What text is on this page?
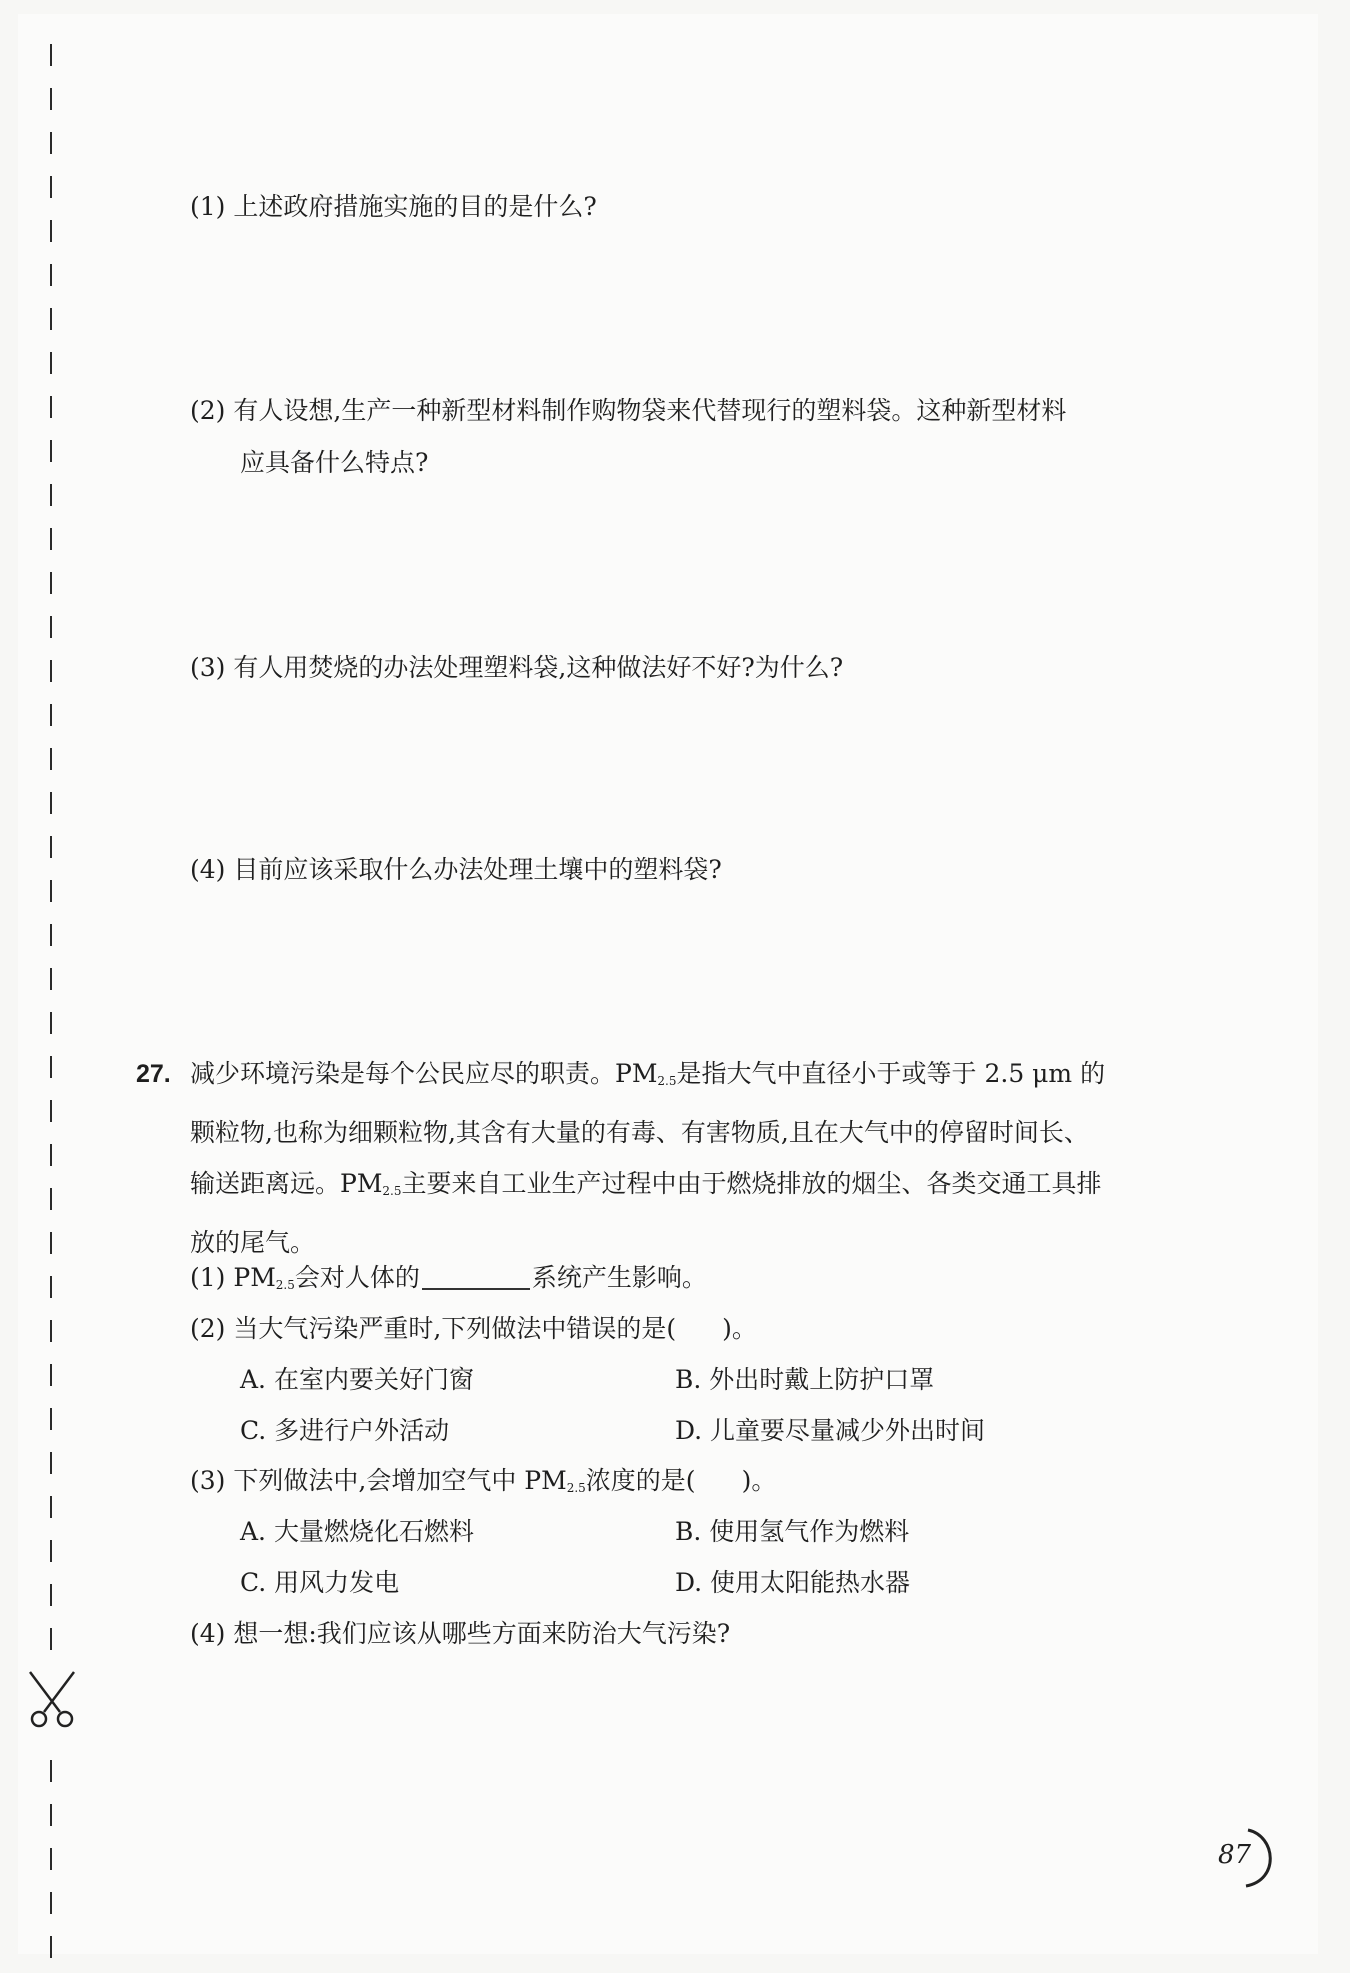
(1) 上述政府措施实施的目的是什么?
(2) 有人设想,生产一种新型材料制作购物袋来代替现行的塑料袋。这种新型材料
应具备什么特点?
(3) 有人用焚烧的办法处理塑料袋,这种做法好不好?为什么?
(4) 目前应该采取什么办法处理土壤中的塑料袋?
27. 减少环境污染是每个公民应尽的职责。$PM_{2.5}$是指大气中直径小于或等于 2.5 μm 的
颗粒物,也称为细颗粒物,其含有大量的有毒、有害物质,且在大气中的停留时间长、
输送距离远。$PM_{2.5}$主要来自工业生产过程中由于燃烧排放的烟尘、各类交通工具排
放的尾气。
(1) $PM_{2.5}$会对人体的	系统产生影响。
(2) 当大气污染严重时,下列做法中错误的是( )。
A. 在室内要关好门窗	B. 外出时戴上防护口罩
C. 多进行户外活动	D. 儿童要尽量减少外出时间
(3) 下列做法中,会增加空气中 $PM_{2.5}$浓度的是( )。
A. 大量燃烧化石燃料	B. 使用氢气作为燃料
C. 用风力发电	D. 使用太阳能热水器
(4) 想一想:我们应该从哪些方面来防治大气污染?
87
